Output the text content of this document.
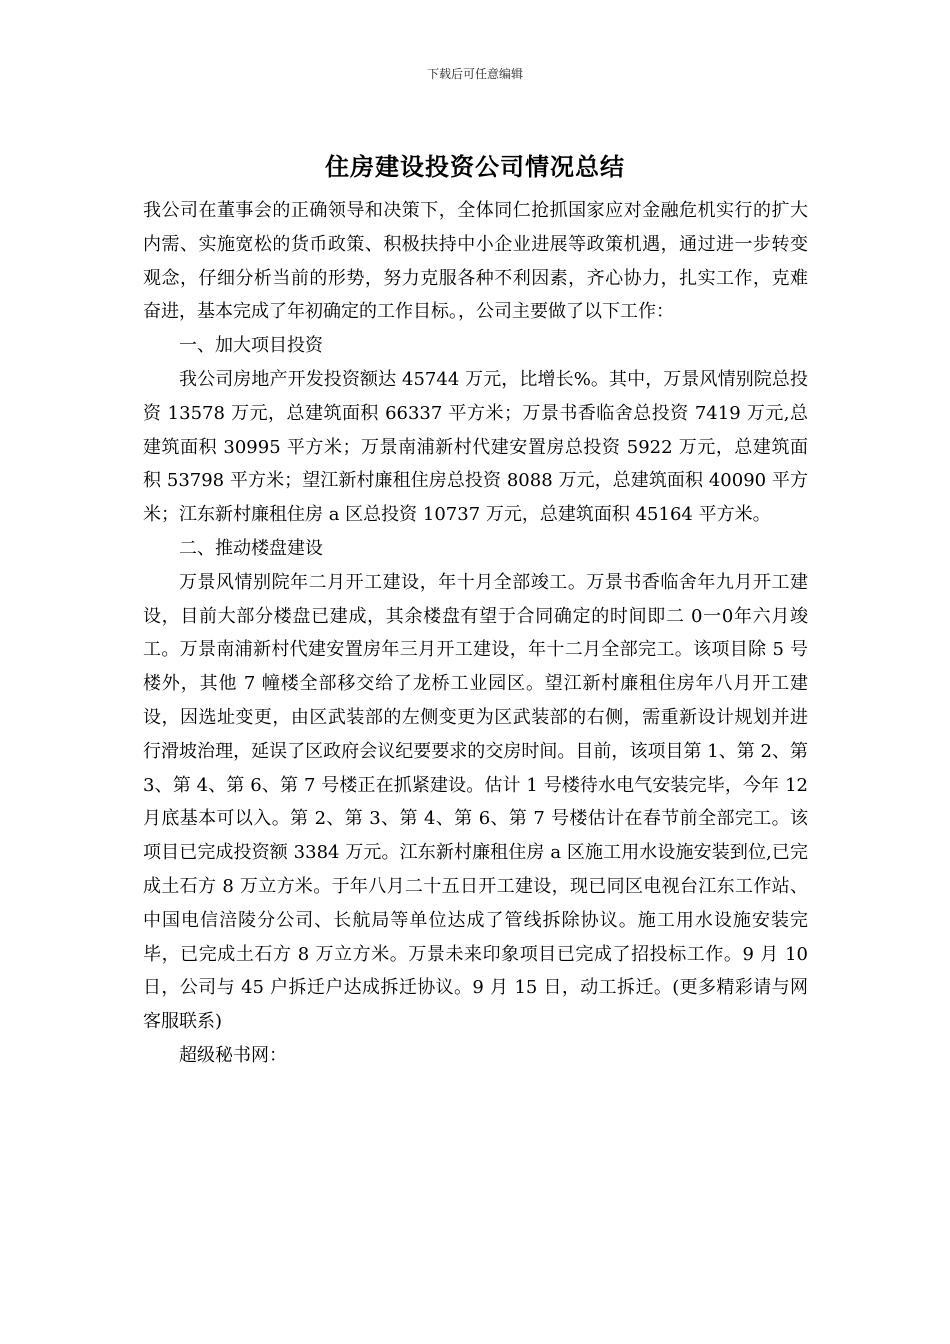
下载后可任意编辑
住房建设投资公司情况总结

我公司在董事会的正确领导和决策下，全体同仁抢抓国家应对金融危机实行的扩大内需、实施宽松的货币政策、积极扶持中小企业进展等政策机遇，通过进一步转变观念，仔细分析当前的形势，努力克服各种不利因素，齐心协力，扎实工作，克难奋进，基本完成了年初确定的工作目标。，公司主要做了以下工作：

一、加大项目投资

我公司房地产开发投资额达 45744 万元，比增长%。其中，万景风情别院总投资 13578 万元，总建筑面积 66337 平方米；万景书香临舍总投资 7419 万元,总建筑面积 30995 平方米；万景南浦新村代建安置房总投资 5922 万元，总建筑面积 53798 平方米；望江新村廉租住房总投资 8088 万元，总建筑面积 40090 平方米；江东新村廉租住房 a 区总投资 10737 万元，总建筑面积 45164 平方米。

二、推动楼盘建设

万景风情别院年二月开工建设，年十月全部竣工。万景书香临舍年九月开工建设，目前大部分楼盘已建成，其余楼盘有望于合同确定的时间即二 0一0年六月竣工。万景南浦新村代建安置房年三月开工建设，年十二月全部完工。该项目除 5 号楼外，其他 7 幢楼全部移交给了龙桥工业园区。望江新村廉租住房年八月开工建设，因选址变更，由区武装部的左侧变更为区武装部的右侧，需重新设计规划并进行滑坡治理，延误了区政府会议纪要要求的交房时间。目前，该项目第 1、第 2、第 3、第 4、第 6、第 7 号楼正在抓紧建设。估计 1 号楼待水电气安装完毕，今年 12 月底基本可以入。第 2、第 3、第 4、第 6、第 7 号楼估计在春节前全部完工。该项目已完成投资额 3384 万元。江东新村廉租住房 a 区施工用水设施安装到位,已完成土石方 8 万立方米。于年八月二十五日开工建设，现已同区电视台江东工作站、中国电信涪陵分公司、长航局等单位达成了管线拆除协议。施工用水设施安装完毕，已完成土石方 8 万立方米。万景未来印象项目已完成了招投标工作。9 月 10 日，公司与 45 户拆迁户达成拆迁协议。9 月 15 日，动工拆迁。(更多精彩请与网客服联系)

超级秘书网：
